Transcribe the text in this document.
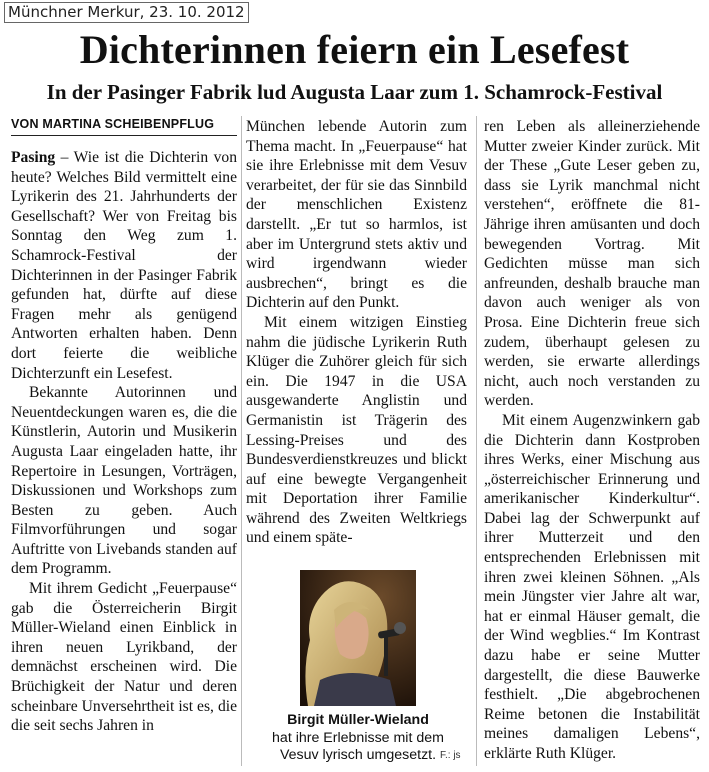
Münchner Merkur, 23. 10. 2012
Dichterinnen feiern ein Lesefest
In der Pasinger Fabrik lud Augusta Laar zum 1. Schamrock-Festival
VON MARTINA SCHEIBENPFLUG

Pasing – Wie ist die Dichterin von heute? Welches Bild vermittelt eine Lyrikerin des 21. Jahrhunderts der Gesellschaft? Wer von Freitag bis Sonntag den Weg zum 1. Schamrock-Festival der Dichterinnen in der Pasinger Fabrik gefunden hat, dürfte auf diese Fragen mehr als genügend Antworten erhalten haben. Denn dort feierte die weibliche Dichterzunft ein Lesefest.

Bekannte Autorinnen und Neuentdeckungen waren es, die die Künstlerin, Autorin und Musikerin Augusta Laar eingeladen hatte, ihr Repertoire in Lesungen, Vorträgen, Diskussionen und Workshops zum Besten zu geben. Auch Filmvorführungen und sogar Auftritte von Livebands standen auf dem Programm.

Mit ihrem Gedicht „Feuerpause“ gab die Österreicherin Birgit Müller-Wieland einen Einblick in ihren neuen Lyrikband, der demnächst erscheinen wird. Die Brüchigkeit der Natur und deren scheinbare Unversehrtheit ist es, die die seit sechs Jahren in

München lebende Autorin zum Thema macht. In „Feuerpause“ hat sie ihre Erlebnisse mit dem Vesuv verarbeitet, der für sie das Sinnbild der menschlichen Existenz darstellt. „Er tut so harmlos, ist aber im Untergrund stets aktiv und wird irgendwann wieder ausbrechen“, bringt es die Dichterin auf den Punkt.

Mit einem witzigen Einstieg nahm die jüdische Lyrikerin Ruth Klüger die Zuhörer gleich für sich ein. Die 1947 in die USA ausgewanderte Anglistin und Germanistin ist Trägerin des Lessing-Preises und des Bundesverdienstkreuzes und blickt auf eine bewegte Vergangenheit mit Deportation ihrer Familie während des Zweiten Weltkriegs und einem späte-

Birgit Müller-Wieland
hat ihre Erlebnisse mit dem Vesuv lyrisch umgesetzt. F.: js

ren Leben als alleinerziehende Mutter zweier Kinder zurück. Mit der These „Gute Leser geben zu, dass sie Lyrik manchmal nicht verstehen“, eröffnete die 81-Jährige ihren amüsanten und doch bewegenden Vortrag. Mit Gedichten müsse man sich anfreunden, deshalb brauche man davon auch weniger als von Prosa. Eine Dichterin freue sich zudem, überhaupt gelesen zu werden, sie erwarte allerdings nicht, auch noch verstanden zu werden.

Mit einem Augenzwinkern gab die Dichterin dann Kostproben ihres Werks, einer Mischung aus „österreichischer Erinnerung und amerikanischer Kinderkultur“. Dabei lag der Schwerpunkt auf ihrer Mutterzeit und den entsprechenden Erlebnissen mit ihren zwei kleinen Söhnen. „Als mein Jüngster vier Jahre alt war, hat er einmal Häuser gemalt, die der Wind wegblies.“ Im Kontrast dazu habe er seine Mutter dargestellt, die diese Bauwerke festhielt. „Die abgebrochenen Reime betonen die Instabilität meines damaligen Lebens“, erklärte Ruth Klüger.
